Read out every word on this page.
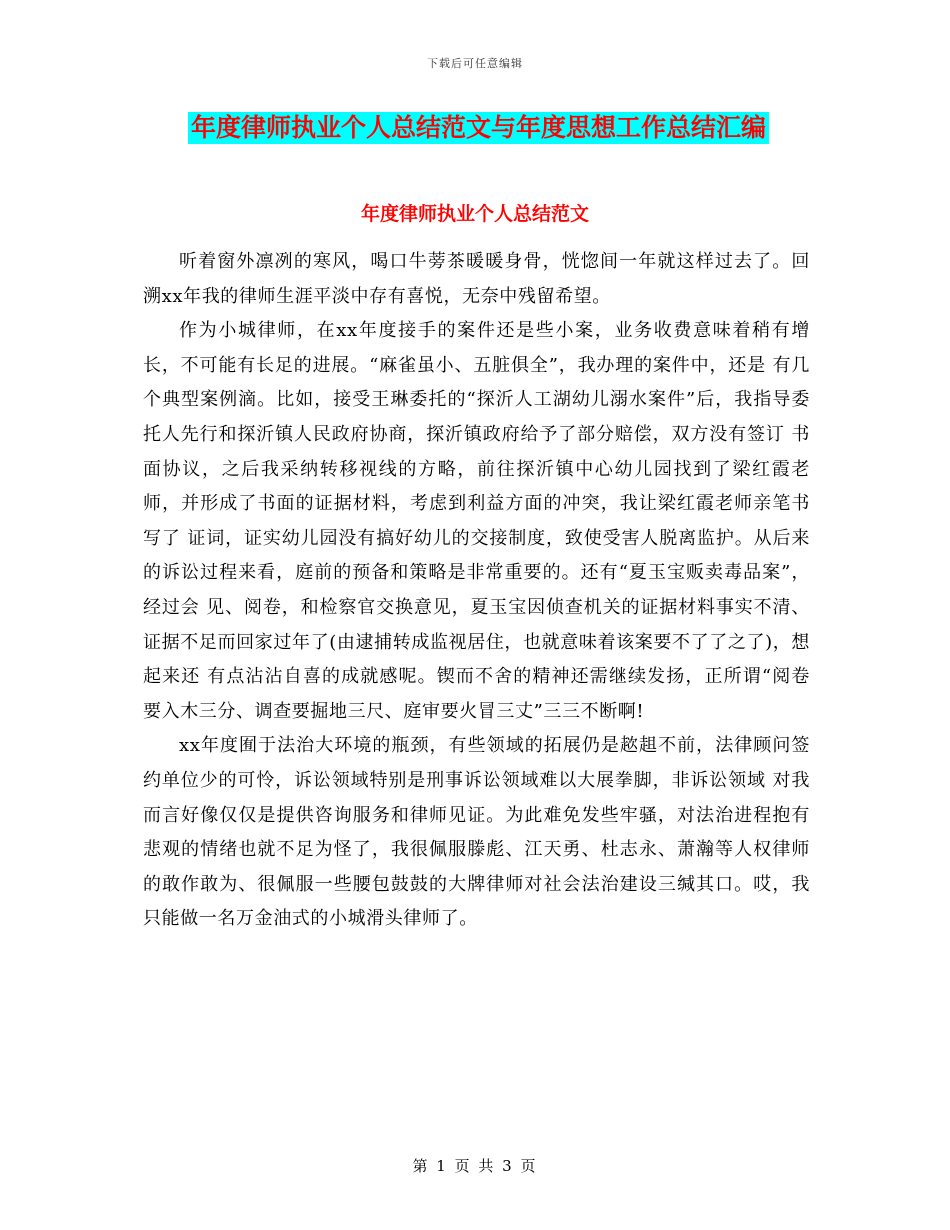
下载后可任意编辑
年度律师执业个人总结范文与年度思想工作总结汇编
年度律师执业个人总结范文

听着窗外凛冽的寒风，喝口牛蒡茶暖暖身骨，恍惚间一年就这样过去了。回溯xx年我的律师生涯平淡中存有喜悦，无奈中残留希望。

作为小城律师，在xx年度接手的案件还是些小案，业务收费意味着稍有增长，不可能有长足的进展。“麻雀虽小、五脏俱全”，我办理的案件中，还是 有几个典型案例滴。比如，接受王琳委托的“探沂人工湖幼儿溺水案件”后，我指导委托人先行和探沂镇人民政府协商，探沂镇政府给予了部分赔偿，双方没有签订 书面协议，之后我采纳转移视线的方略，前往探沂镇中心幼儿园找到了梁红霞老师，并形成了书面的证据材料，考虑到利益方面的冲突，我让梁红霞老师亲笔书写了 证词，证实幼儿园没有搞好幼儿的交接制度，致使受害人脱离监护。从后来的诉讼过程来看，庭前的预备和策略是非常重要的。还有“夏玉宝贩卖毒品案”，经过会 见、阅卷，和检察官交换意见，夏玉宝因侦查机关的证据材料事实不清、证据不足而回家过年了(由逮捕转成监视居住，也就意味着该案要不了了之了)，想起来还 有点沾沾自喜的成就感呢。锲而不舍的精神还需继续发扬，正所谓“阅卷要入木三分、调查要掘地三尺、庭审要火冒三丈”三三不断啊!

xx年度囿于法治大环境的瓶颈，有些领域的拓展仍是趑趄不前，法律顾问签约单位少的可怜，诉讼领域特别是刑事诉讼领域难以大展拳脚，非诉讼领域 对我而言好像仅仅是提供咨询服务和律师见证。为此难免发些牢骚，对法治进程抱有悲观的情绪也就不足为怪了，我很佩服滕彪、江天勇、杜志永、萧瀚等人权律师 的敢作敢为、很佩服一些腰包鼓鼓的大牌律师对社会法治建设三缄其口。哎，我只能做一名万金油式的小城滑头律师了。

第 1 页 共 3 页
